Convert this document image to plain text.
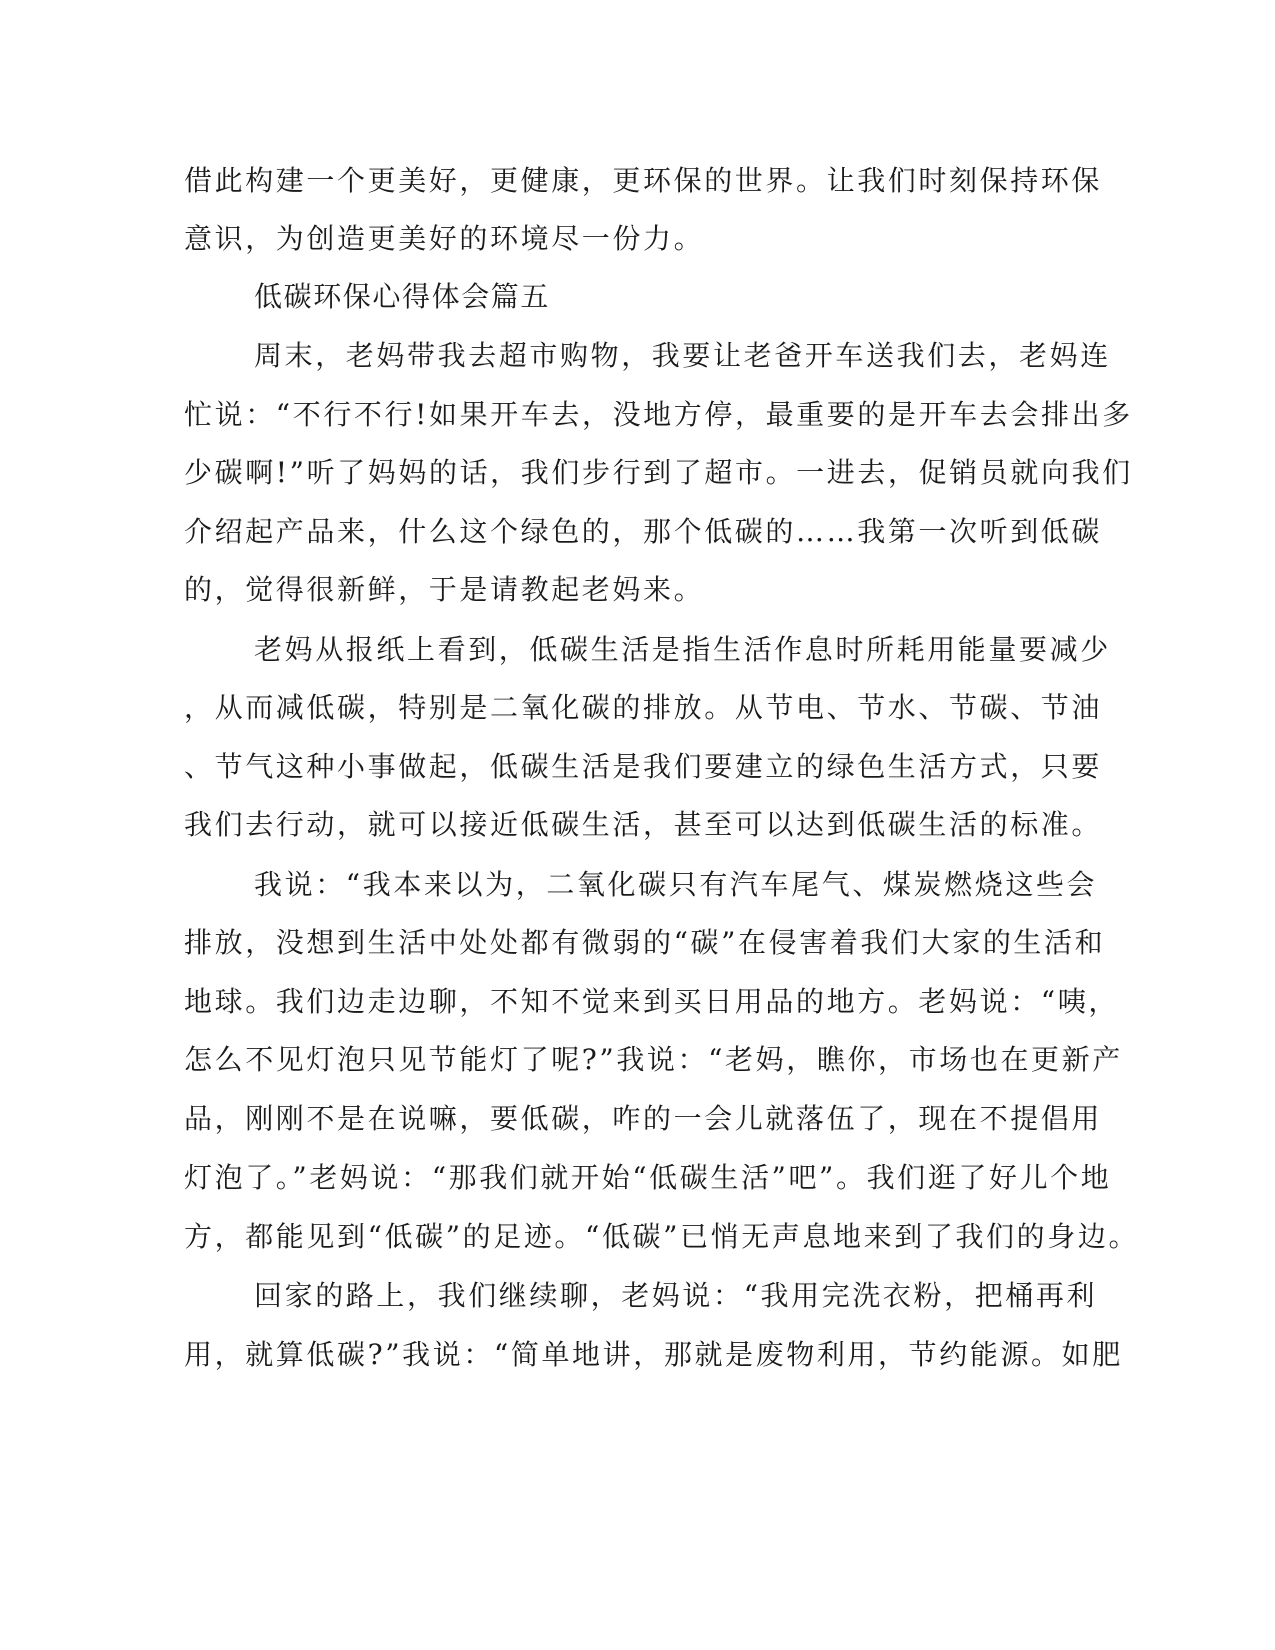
借此构建一个更美好，更健康，更环保的世界。让我们时刻保持环保
意识，为创造更美好的环境尽一份力。
低碳环保心得体会篇五
周末，老妈带我去超市购物，我要让老爸开车送我们去，老妈连
忙说：“不行不行!如果开车去，没地方停，最重要的是开车去会排出多
少碳啊!”听了妈妈的话，我们步行到了超市。一进去，促销员就向我们
介绍起产品来，什么这个绿色的，那个低碳的……我第一次听到低碳
的，觉得很新鲜，于是请教起老妈来。
老妈从报纸上看到，低碳生活是指生活作息时所耗用能量要减少
，从而减低碳，特别是二氧化碳的排放。从节电、节水、节碳、节油
、节气这种小事做起，低碳生活是我们要建立的绿色生活方式，只要
我们去行动，就可以接近低碳生活，甚至可以达到低碳生活的标准。
我说：“我本来以为，二氧化碳只有汽车尾气、煤炭燃烧这些会
排放，没想到生活中处处都有微弱的“碳”在侵害着我们大家的生活和
地球。我们边走边聊，不知不觉来到买日用品的地方。老妈说：“咦，
怎么不见灯泡只见节能灯了呢?”我说：“老妈，瞧你，市场也在更新产
品，刚刚不是在说嘛，要低碳，咋的一会儿就落伍了，现在不提倡用
灯泡了。”老妈说：“那我们就开始“低碳生活”吧”。我们逛了好儿个地
方，都能见到“低碳”的足迹。“低碳”已悄无声息地来到了我们的身边。
回家的路上，我们继续聊，老妈说：“我用完洗衣粉，把桶再利
用，就算低碳?”我说：“简单地讲，那就是废物利用，节约能源。如肥
